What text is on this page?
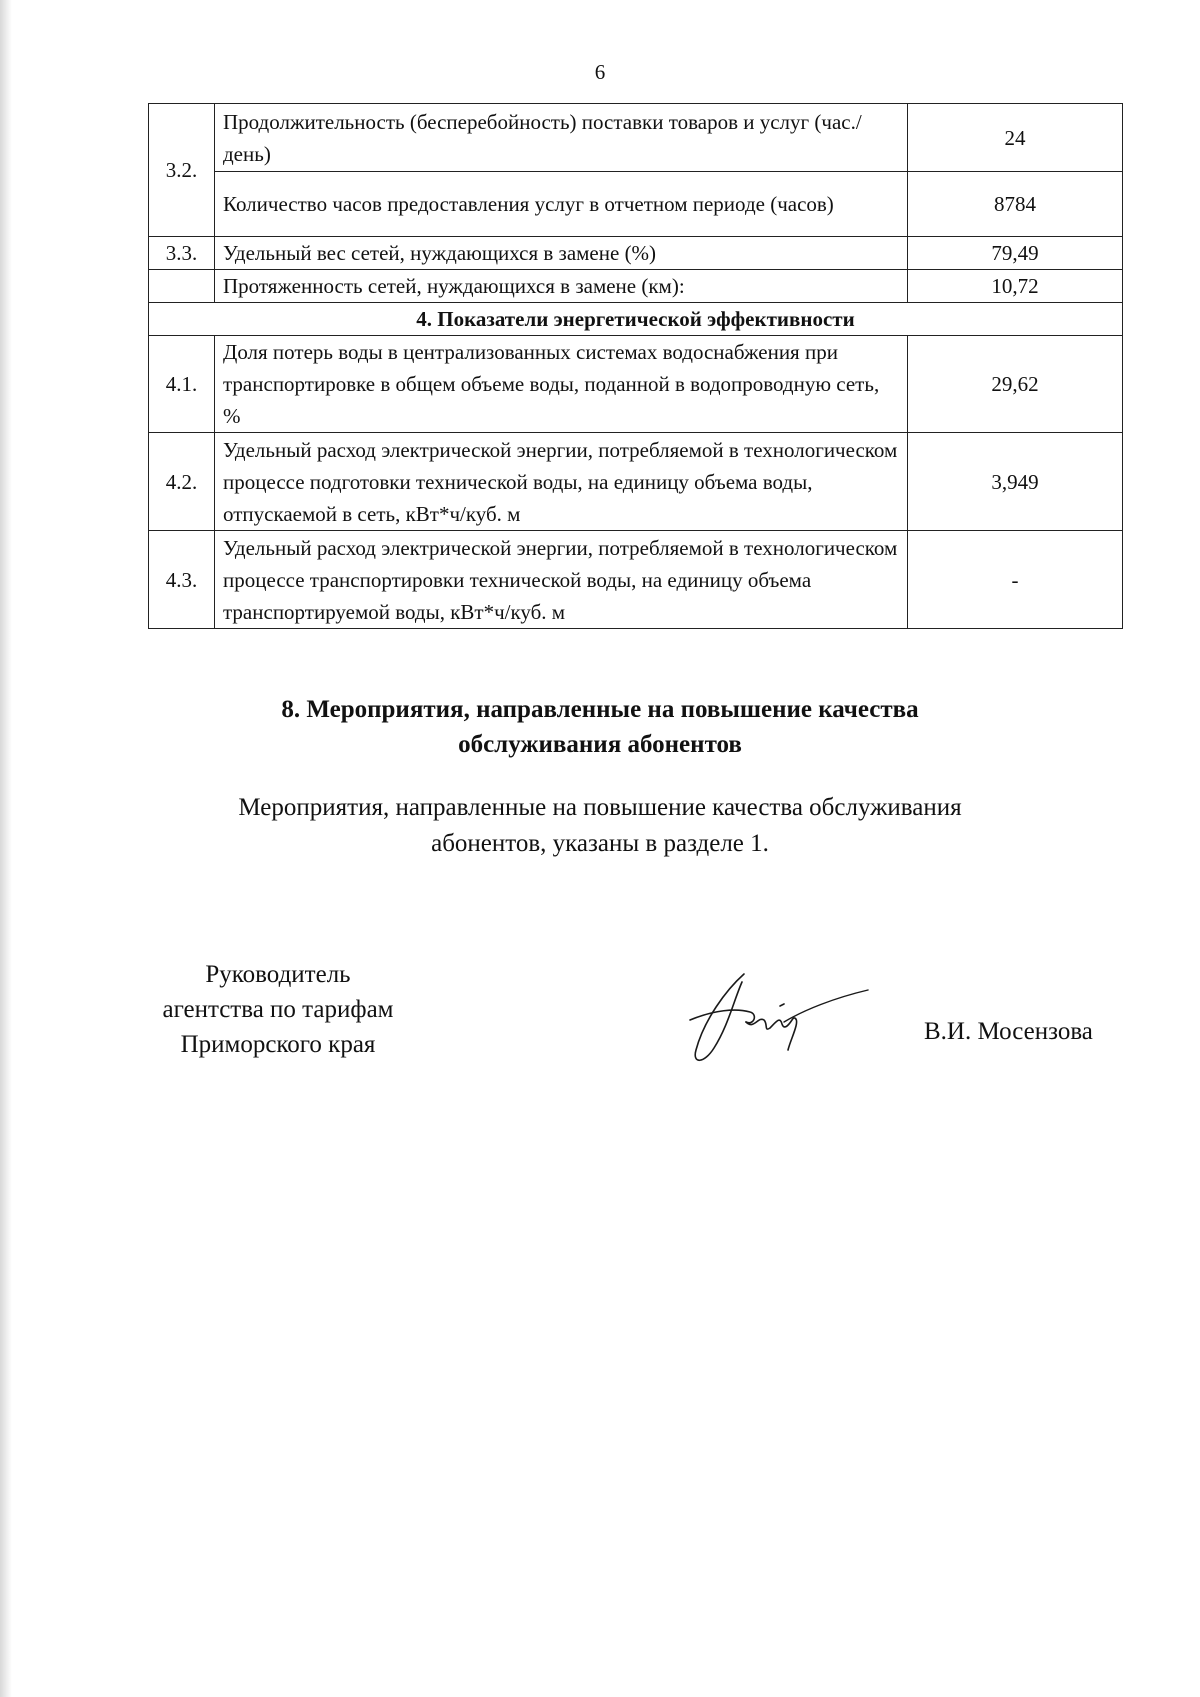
6
3.2.	Продолжительность (бесперебойность) поставки товаров и услуг (час./день)	24
	Количество часов предоставления услуг в отчетном периоде (часов)	8784
3.3.	Удельный вес сетей, нуждающихся в замене (%)	79,49
	Протяженность сетей, нуждающихся в замене (км):	10,72
4. Показатели энергетической эффективности		
4.1.	Доля потерь воды в централизованных системах водоснабжения при транспортировке в общем объеме воды, поданной в водопроводную сеть, %	29,62
4.2.	Удельный расход электрической энергии, потребляемой в технологическом процессе подготовки технической воды, на единицу объема воды, отпускаемой в сеть, кВт*ч/куб. м	3,949
4.3.	Удельный расход электрической энергии, потребляемой в технологическом процессе транспортировки технической воды, на единицу объема транспортируемой воды, кВт*ч/куб. м	-
8. Мероприятия, направленные на повышение качества
обслуживания абонентов
Мероприятия, направленные на повышение качества обслуживания
абонентов, указаны в разделе 1.
Руководитель
агентства по тарифам
Приморского края	В.И. Мосензова
